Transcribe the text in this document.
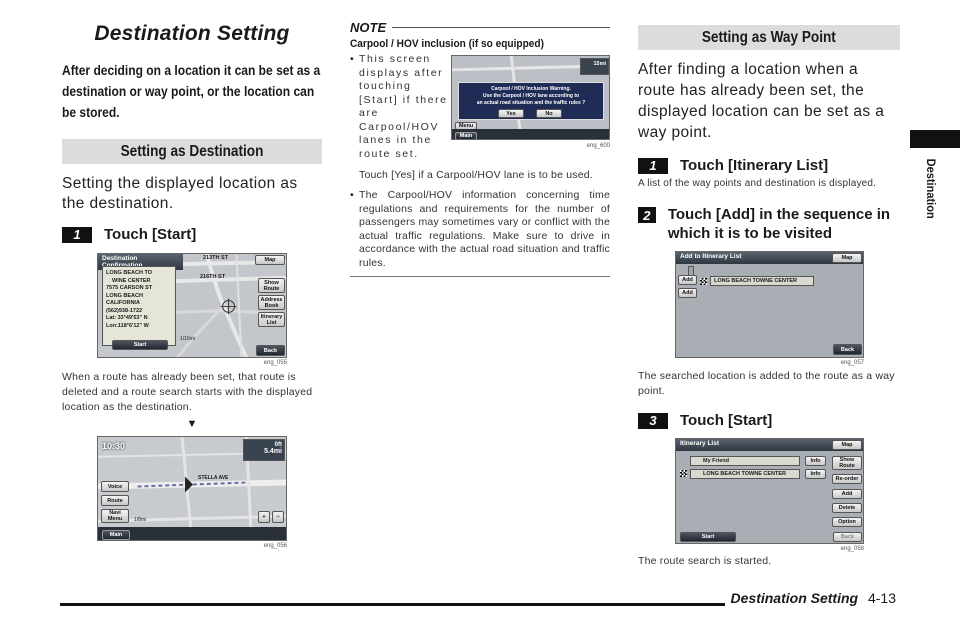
Destination Setting

After deciding on a location it can be set as a destination or way point, or the location can be stored.

Setting as Destination

Setting the displayed location as the destination.

1	Touch [Start]
Destination	213TH ST
216TH ST
Map
LONG BEACH TO
WINE CENTER
7575 CARSON ST
LONG BEACH
CALIFORNIA
(562)938-1722
Lat: 33°49'53" N
Lon:118°6'12" W
Start
Show Route
Address Book
Itinerary List
1/16mi
Back
eng_055

When a route has already been set, that route is deleted and a route search starts with the displayed location as the destination.

▼
10:30	0ft
5.4mi
STELLA AVE
Voice
Route
Navi Menu	1/8mi	+	−
Main
eng_056
NOTE
Carpool / HOV inclusion (if so equipped)
• This screen displays after touching [Start] if there are Carpool/HOV lanes in the route set.

15mi
Carpool / HOV Inclusion Warning.
Use the Carpool / HOV lane according to
an actual road situation and the traffic rules ?
Yes	No
Menu
Main
eng_600

Touch [Yes] if a Carpool/HOV lane is to be used.

• The Carpool/HOV information concerning time regulations and requirements for the number of passengers may sometimes vary or conflict with the actual traffic regulations. Make sure to drive in accordance with the actual road situation and traffic rules.

Setting as Way Point

After finding a location when a route has already been set, the displayed location can be set as a way point.

1	Touch [Itinerary List]

A list of the way points and destination is displayed.

2	Touch [Add] in the sequence in which it is to be visited
Add to Itinerary List	Map
Add
Add
LONG BEACH TOWNE CENTER
Back
eng_057

The searched location is added to the route as a way point.

3	Touch [Start]
Itinerary List	Map
My Friend	Info
LONG BEACH TOWNE CENTER	Info
Show Route
Re-order
Add
Delete
Option
Start	Back
eng_058

The route search is started.

Destination
Destination Setting 4-13
